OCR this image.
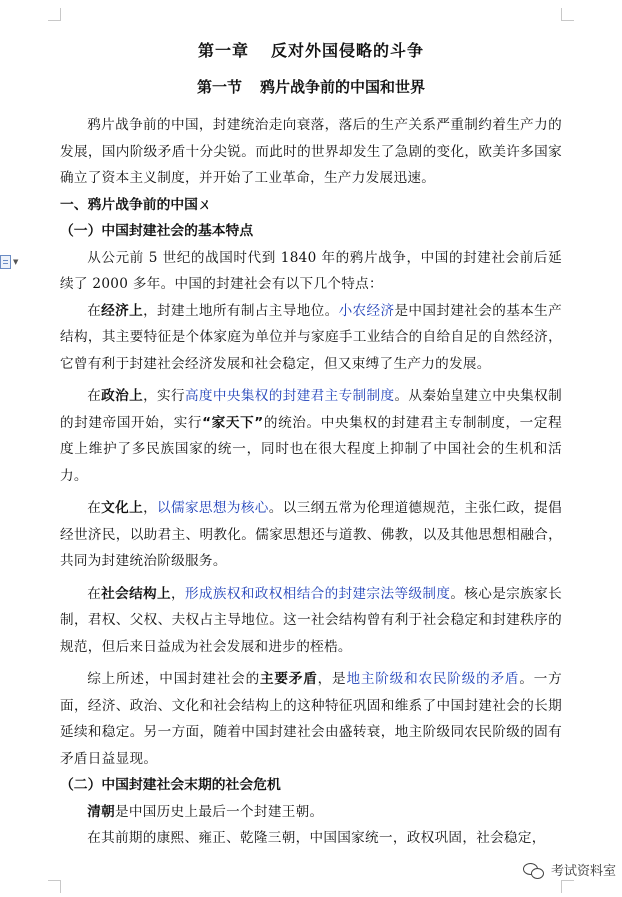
▼
第一章 反对外国侵略的斗争
第一节 鸦片战争前的中国和世界

鸦片战争前的中国，封建统治走向衰落，落后的生产关系严重制约着生产力的发展，国内阶级矛盾十分尖锐。而此时的世界却发生了急剧的变化，欧美许多国家确立了资本主义制度，并开始了工业革命，生产力发展迅速。

一、鸦片战争前的中国ㄨ
（一）中国封建社会的基本特点

从公元前 5 世纪的战国时代到 1840 年的鸦片战争，中国的封建社会前后延续了 2000 多年。中国的封建社会有以下几个特点：

在经济上，封建土地所有制占主导地位。小农经济是中国封建社会的基本生产结构，其主要特征是个体家庭为单位并与家庭手工业结合的自给自足的自然经济，它曾有利于封建社会经济发展和社会稳定，但又束缚了生产力的发展。

在政治上，实行高度中央集权的封建君主专制制度。从秦始皇建立中央集权制的封建帝国开始，实行“家天下”的统治。中央集权的封建君主专制制度，一定程度上维护了多民族国家的统一，同时也在很大程度上抑制了中国社会的生机和活力。

在文化上，以儒家思想为核心。以三纲五常为伦理道德规范，主张仁政，提倡经世济民，以助君主、明教化。儒家思想还与道教、佛教，以及其他思想相融合，共同为封建统治阶级服务。

在社会结构上，形成族权和政权相结合的封建宗法等级制度。核心是宗族家长制，君权、父权、夫权占主导地位。这一社会结构曾有利于社会稳定和封建秩序的规范，但后来日益成为社会发展和进步的桎梏。

综上所述，中国封建社会的主要矛盾，是地主阶级和农民阶级的矛盾。一方面，经济、政治、文化和社会结构上的这种特征巩固和维系了中国封建社会的长期延续和稳定。另一方面，随着中国封建社会由盛转衰，地主阶级同农民阶级的固有矛盾日益显现。

（二）中国封建社会末期的社会危机

清朝是中国历史上最后一个封建王朝。

在其前期的康熙、雍正、乾隆三朝，中国国家统一，政权巩固，社会稳定，

考试资料室
